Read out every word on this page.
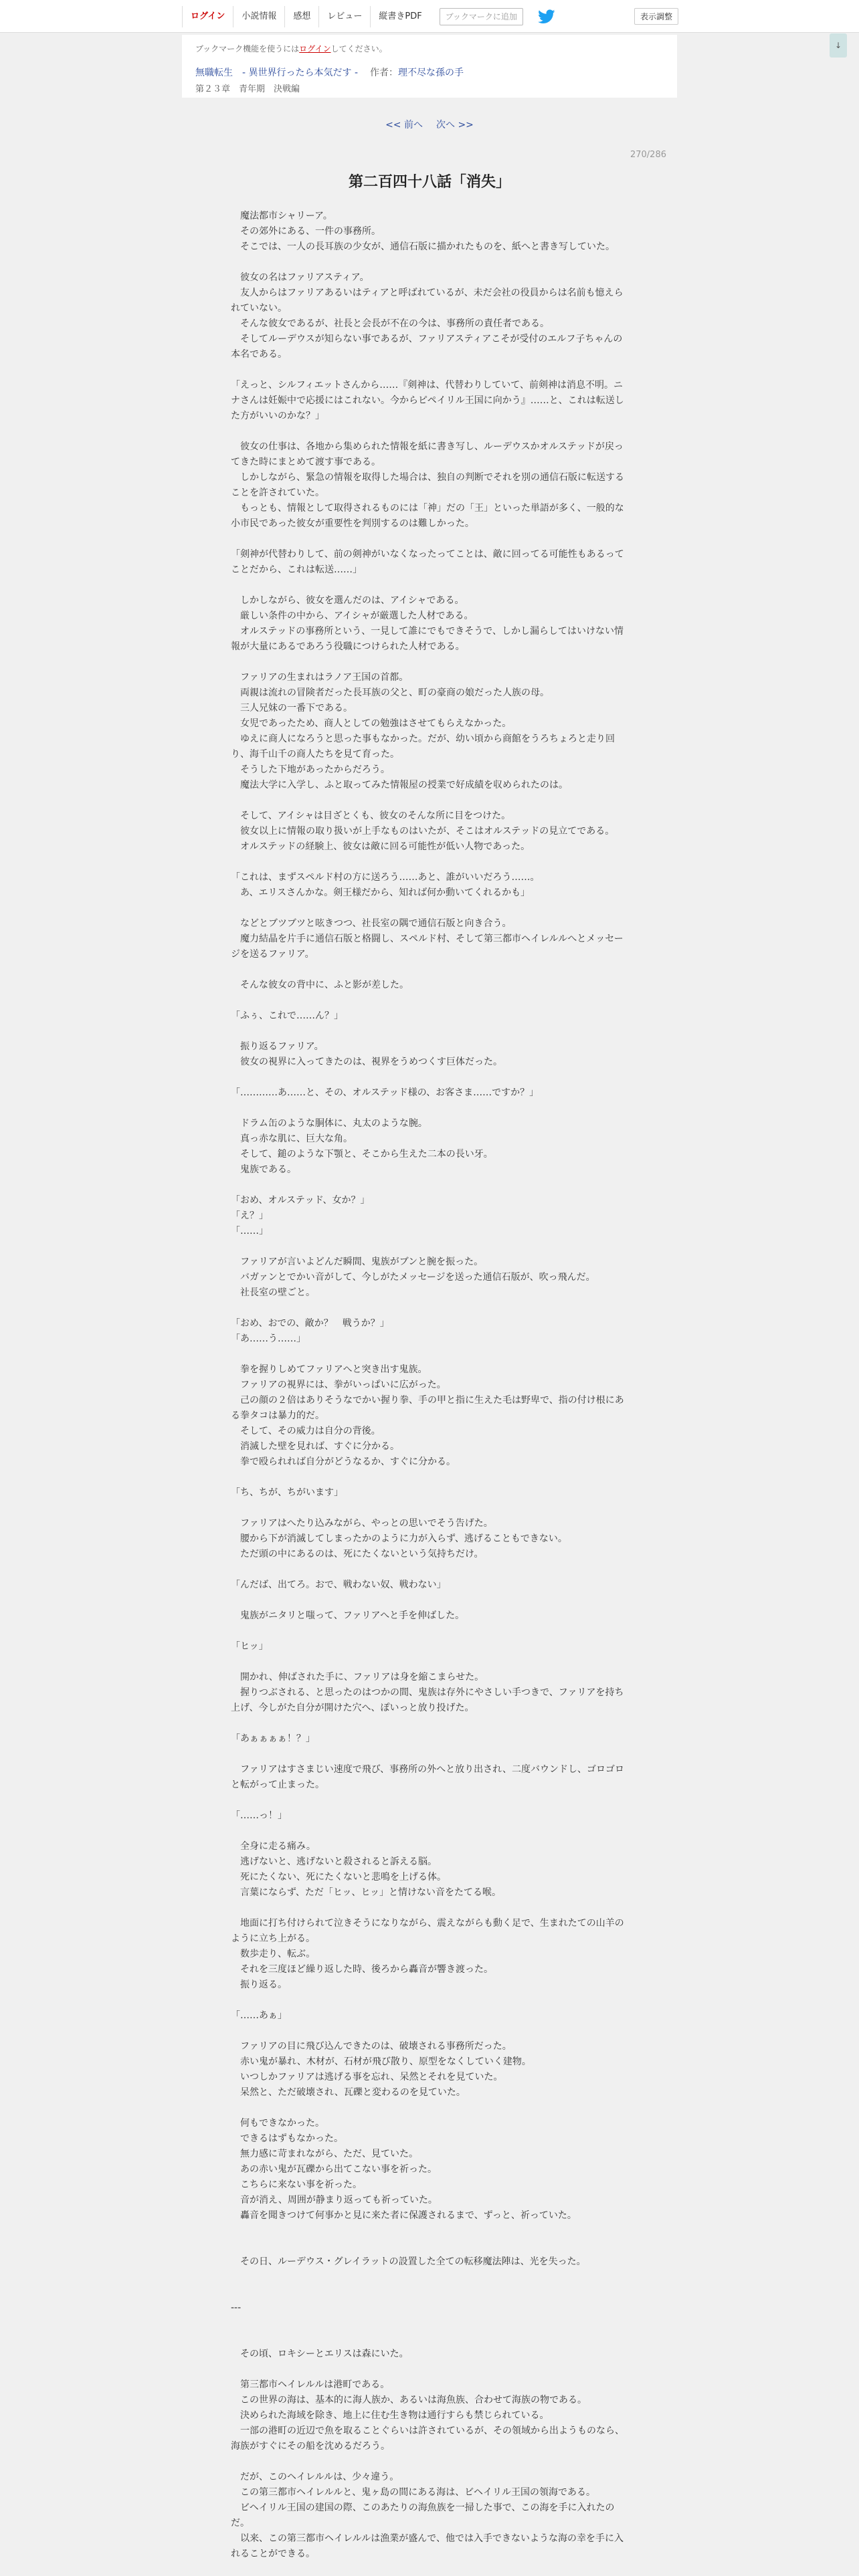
ログイン	小説情報	感想	レビュー	縦書きPDF	ブックマークに追加	表示調整
↓
ブックマーク機能を使うにはログインしてください。
無職転生　- 異世界行ったら本気だす - 作者：理不尽な孫の手
第２３章　青年期　決戦編
<< 前へ 次へ >>
270/286
第二百四十八話「消失」
　魔法都市シャリーア。
　その郊外にある、一件の事務所。
　そこでは、一人の長耳族の少女が、通信石版に描かれたものを、紙へと書き写していた。

　彼女の名はファリアスティア。
　友人からはファリアあるいはティアと呼ばれているが、未だ会社の役員からは名前も憶えられていない。
　そんな彼女であるが、社長と会長が不在の今は、事務所の責任者である。
　そしてルーデウスが知らない事であるが、ファリアスティアこそが受付のエルフ子ちゃんの本名である。

「えっと、シルフィエットさんから……『剣神は、代替わりしていて、前剣神は消息不明。ニナさんは妊娠中で応援にはこれない。今からピペイリル王国に向かう』……と、これは転送した方がいいのかな？」

　彼女の仕事は、各地から集められた情報を紙に書き写し、ルーデウスかオルステッドが戻ってきた時にまとめて渡す事である。
　しかしながら、緊急の情報を取得した場合は、独自の判断でそれを別の通信石版に転送することを許されていた。
　もっとも、情報として取得されるものには「神」だの「王」といった単語が多く、一般的な小市民であった彼女が重要性を判別するのは難しかった。

「剣神が代替わりして、前の剣神がいなくなったってことは、敵に回ってる可能性もあるってことだから、これは転送……」

　しかしながら、彼女を選んだのは、アイシャである。
　厳しい条件の中から、アイシャが厳選した人材である。
　オルステッドの事務所という、一見して誰にでもできそうで、しかし漏らしてはいけない情報が大量にあるであろう役職につけられた人材である。

　ファリアの生まれはラノア王国の首都。
　両親は流れの冒険者だった長耳族の父と、町の豪商の娘だった人族の母。
　三人兄妹の一番下である。
　女児であったため、商人としての勉強はさせてもらえなかった。
　ゆえに商人になろうと思った事もなかった。だが、幼い頃から商館をうろちょろと走り回り、海千山千の商人たちを見て育った。
　そうした下地があったからだろう。
　魔法大学に入学し、ふと取ってみた情報屋の授業で好成績を収められたのは。

　そして、アイシャは目ざとくも、彼女のそんな所に目をつけた。
　彼女以上に情報の取り扱いが上手なものはいたが、そこはオルステッドの見立てである。
　オルステッドの経験上、彼女は敵に回る可能性が低い人物であった。

「これは、まずスペルド村の方に送ろう……あと、誰がいいだろう……。
　あ、エリスさんかな。剣王様だから、知れば何か動いてくれるかも」

　などとブツブツと呟きつつ、社長室の隅で通信石版と向き合う。
　魔力結晶を片手に通信石版と格闘し、スペルド村、そして第三都市ヘイレルルへとメッセージを送るファリア。

　そんな彼女の背中に、ふと影が差した。

「ふぅ、これで……ん？」

　振り返るファリア。
　彼女の視界に入ってきたのは、視界をうめつくす巨体だった。

「…………あ……と、その、オルステッド様の、お客さま……ですか？」

　ドラム缶のような胴体に、丸太のような腕。
　真っ赤な肌に、巨大な角。
　そして、鎚のような下顎と、そこから生えた二本の長い牙。
　鬼族である。

「おめ、オルステッド、女か？」
「え？」
「……」

　ファリアが言いよどんだ瞬間、鬼族がブンと腕を振った。
　バガァンとでかい音がして、今しがたメッセージを送った通信石版が、吹っ飛んだ。
　社長室の壁ごと。

「おめ、おでの、敵か？　戦うか？」
「あ……う……」

　拳を握りしめてファリアへと突き出す鬼族。
　ファリアの視界には、拳がいっぱいに広がった。
　己の顔の２倍はありそうなでかい握り拳、手の甲と指に生えた毛は野卑で、指の付け根にある拳タコは暴力的だ。
　そして、その威力は自分の背後。
　消滅した壁を見れば、すぐに分かる。
　拳で殴られれば自分がどうなるか、すぐに分かる。

「ち、ちが、ちがいます」

　ファリアはへたり込みながら、やっとの思いでそう告げた。
　腰から下が消滅してしまったかのように力が入らず、逃げることもできない。
　ただ頭の中にあるのは、死にたくないという気持ちだけ。

「んだば、出てろ。おで、戦わない奴、戦わない」

　鬼族がニタリと嗤って、ファリアへと手を伸ばした。

「ヒッ」

　開かれ、伸ばされた手に、ファリアは身を縮こまらせた。
　握りつぶされる、と思ったのはつかの間、鬼族は存外にやさしい手つきで、ファリアを持ち上げ、今しがた自分が開けた穴へ、ぽいっと放り投げた。

「あぁぁぁぁ！？」

　ファリアはすさまじい速度で飛び、事務所の外へと放り出され、二度バウンドし、ゴロゴロと転がって止まった。

「……っ！」

　全身に走る痛み。
　逃げないと、逃げないと殺されると訴える脳。
　死にたくない、死にたくないと悲鳴を上げる体。
　言葉にならず、ただ「ヒッ、ヒッ」と情けない音をたてる喉。

　地面に打ち付けられて泣きそうになりながら、震えながらも動く足で、生まれたての山羊のように立ち上がる。
　数歩走り、転ぶ。
　それを三度ほど繰り返した時、後ろから轟音が響き渡った。
　振り返る。

「……あぁ」

　ファリアの目に飛び込んできたのは、破壊される事務所だった。
　赤い鬼が暴れ、木材が、石材が飛び散り、原型をなくしていく建物。
　いつしかファリアは逃げる事を忘れ、呆然とそれを見ていた。
　呆然と、ただ破壊され、瓦礫と変わるのを見ていた。

　何もできなかった。
　できるはずもなかった。
　無力感に苛まれながら、ただ、見ていた。
　あの赤い鬼が瓦礫から出てこない事を祈った。
　こちらに来ない事を祈った。
　音が消え、周囲が静まり返っても祈っていた。
　轟音を聞きつけて何事かと見に来た者に保護されるまで、ずっと、祈っていた。

　その日、ルーデウス・グレイラットの設置した全ての転移魔法陣は、光を失った。

---

　その頃、ロキシーとエリスは森にいた。

　第三都市ヘイレルルは港町である。
　この世界の海は、基本的に海人族か、あるいは海魚族、合わせて海族の物である。
　決められた海域を除き、地上に住む生き物は通行すらも禁じられている。
　一部の港町の近辺で魚を取ることぐらいは許されているが、その領域から出ようものなら、海族がすぐにその船を沈めるだろう。

　だが、このヘイレルルは、少々違う。
　この第三都市ヘイレルルと、鬼ヶ島の間にある海は、ビヘイリル王国の領海である。
　ビヘイリル王国の建国の際、このあたりの海魚族を一掃した事で、この海を手に入れたのだ。
　以来、この第三都市ヘイレルルは漁業が盛んで、他では入手できないような海の幸を手に入れることができる。
